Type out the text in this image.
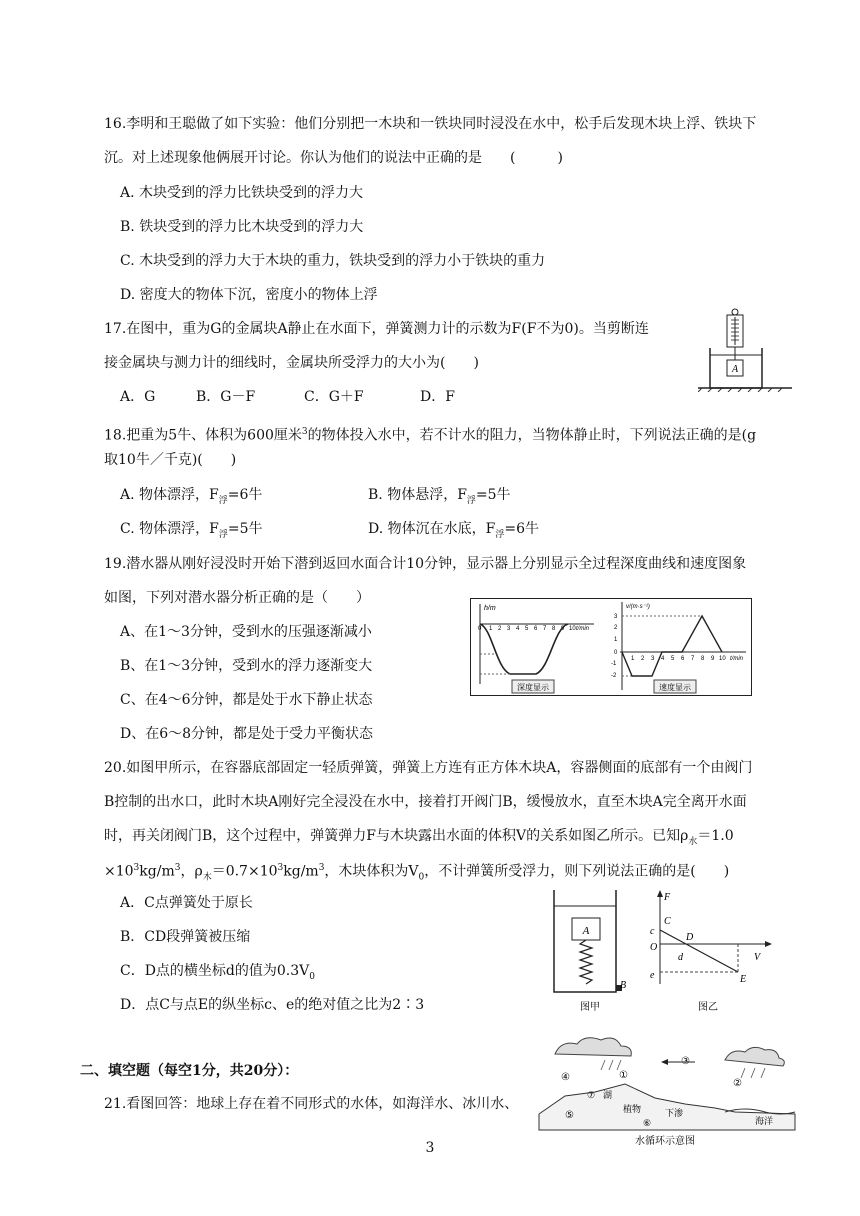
16.李明和王聪做了如下实验：他们分别把一木块和一铁块同时浸没在水中，松手后发现木块上浮、铁块下
沉。对上述现象他俩展开讨论。你认为他们的说法中正确的是　　(　　　)
A. 木块受到的浮力比铁块受到的浮力大
B. 铁块受到的浮力比木块受到的浮力大
C. 木块受到的浮力大于木块的重力，铁块受到的浮力小于铁块的重力
D. 密度大的物体下沉，密度小的物体上浮
17.在图中，重为G的金属块A静止在水面下，弹簧测力计的示数为F(F不为0)。当剪断连
接金属块与测力计的细线时，金属块所受浮力的大小为(　　)
A．G	B．G－F	C．G＋F	D．F
A
18.把重为5牛、体积为600厘米$^3$的物体投入水中，若不计水的阻力，当物体静止时，下列说法正确的是(g
取10牛／千克)(　　)
A. 物体漂浮，$F_浮=6$牛	B. 物体悬浮，$F_浮=5$牛
C. 物体漂浮，$F_浮=5$牛	D. 物体沉在水底，$F_浮=6$牛
19.潜水器从刚好浸没时开始下潜到返回水面合计10分钟，显示器上分别显示全过程深度曲线和速度图象
如图，下列对潜水器分析正确的是（　　）
A、在1～3分钟，受到水的压强逐渐减小
B、在1～3分钟，受到水的浮力逐渐变大
C、在4～6分钟，都是处于水下静止状态
D、在6～8分钟，都是处于受力平衡状态
h/m
t/min
0 1 2 3 4 5 6 7 8 9 10
深度显示
v/(m·s⁻¹)
t/min
3
2
1
0
-1
-2
1 2 3 4 5 6 7 8 9 10
速度显示
20.如图甲所示，在容器底部固定一轻质弹簧，弹簧上方连有正方体木块A，容器侧面的底部有一个由阀门
B控制的出水口，此时木块A刚好完全浸没在水中，接着打开阀门B，缓慢放水，直至木块A完全离开水面
时，再关闭阀门B，这个过程中，弹簧弹力F与木块露出水面的体积V的关系如图乙所示。已知$\rho_水=1.0$
$\times 10^3kg/m^3$，$\rho_木=0.7\times 10^3kg/m^3$，木块体积为$V_0$，不计弹簧所受浮力，则下列说法正确的是(　　)
A．C点弹簧处于原长
B．CD段弹簧被压缩
C．D点的横坐标d的值为$0.3V_0$
D．点C与点E的纵坐标c、e的绝对值之比为2∶3
A
B
图甲
F
C
c
O
D
d	V
e	E
图乙
二、填空题（每空1分，共20分）：
21.看图回答：地球上存在着不同形式的水体，如海洋水、冰川水、
③
④	①
②
⑤
⑥
⑦ 湖
植物	下渗
海洋
水循环示意图
3
